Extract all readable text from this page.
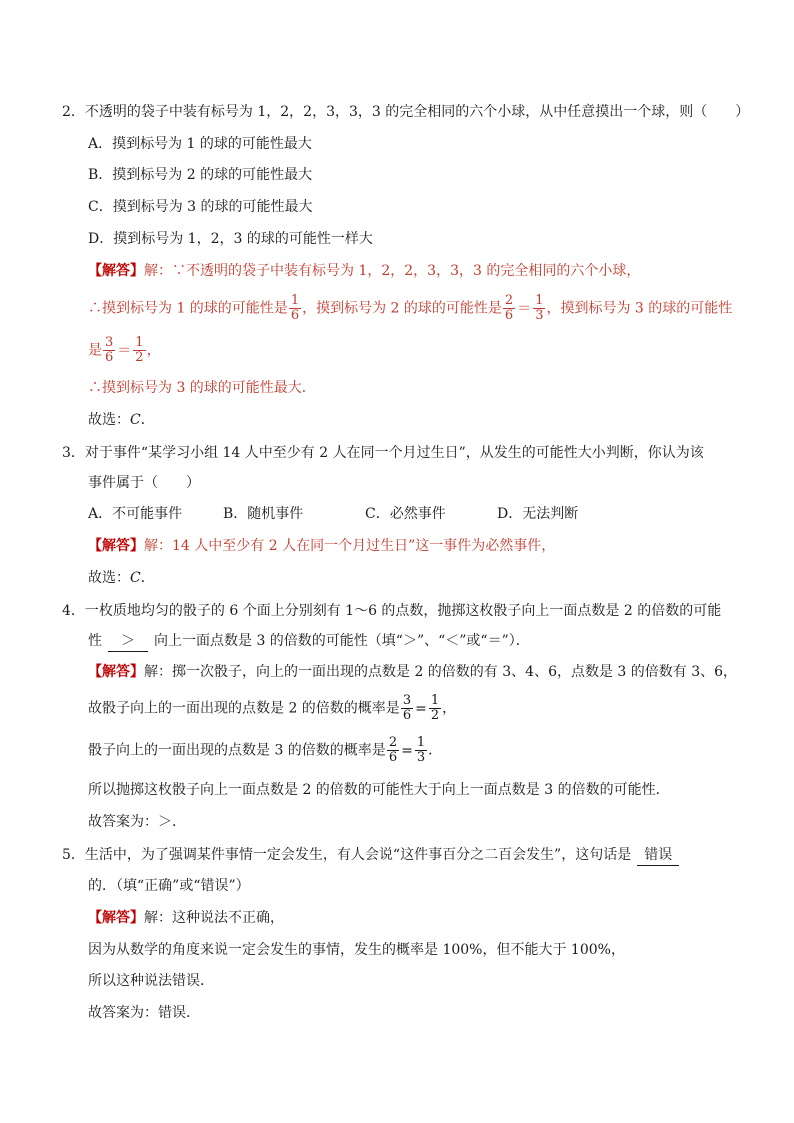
2．不透明的袋子中装有标号为 1，2，2，3，3，3 的完全相同的六个小球，从中任意摸出一个球，则（　　）
A．摸到标号为 1 的球的可能性最大
B．摸到标号为 2 的球的可能性最大
C．摸到标号为 3 的球的可能性最大
D．摸到标号为 1，2，3 的球的可能性一样大
【解答】解：∵不透明的袋子中装有标号为 1，2，2，3，3，3 的完全相同的六个小球，
∴摸到标号为 1 的球的可能性是 $\frac{1}{6}$ ，摸到标号为 2 的球的可能性是 $\frac{2}{6} = \frac{1}{3}$ ，摸到标号为 3 的球的可能性
是 $\frac{3}{6} = \frac{1}{2}$ ，
∴摸到标号为 3 的球的可能性最大．
故选：C．
3．对于事件“某学习小组 14 人中至少有 2 人在同一个月过生日”，从发生的可能性大小判断，你认为该
事件属于（　　）
A．不可能事件	B．随机事件	C．必然事件	D．无法判断
【解答】解：14 人中至少有 2 人在同一个月过生日”这一事件为必然事件，
故选：C．
4．一枚质地均匀的骰子的 6 个面上分别刻有 1～6 的点数，抛掷这枚骰子向上一面点数是 2 的倍数的可能
性 ＞ 向上一面点数是 3 的倍数的可能性（填“＞”、“＜”或“＝”）．
【解答】解：掷一次骰子，向上的一面出现的点数是 2 的倍数的有 3、4、6，点数是 3 的倍数有 3、6，
故骰子向上的一面出现的点数是 2 的倍数的概率是 $\frac{3}{6} = \frac{1}{2}$ ，
骰子向上的一面出现的点数是 3 的倍数的概率是 $\frac{2}{6} = \frac{1}{3}$ ．
所以抛掷这枚骰子向上一面点数是 2 的倍数的可能性大于向上一面点数是 3 的倍数的可能性．
故答案为：＞．
5．生活中，为了强调某件事情一定会发生，有人会说“这件事百分之二百会发生”，这句话是 错误
的．（填“正确”或“错误”）
【解答】解：这种说法不正确，
因为从数学的角度来说一定会发生的事情，发生的概率是 100%，但不能大于 100%，
所以这种说法错误．
故答案为：错误．
